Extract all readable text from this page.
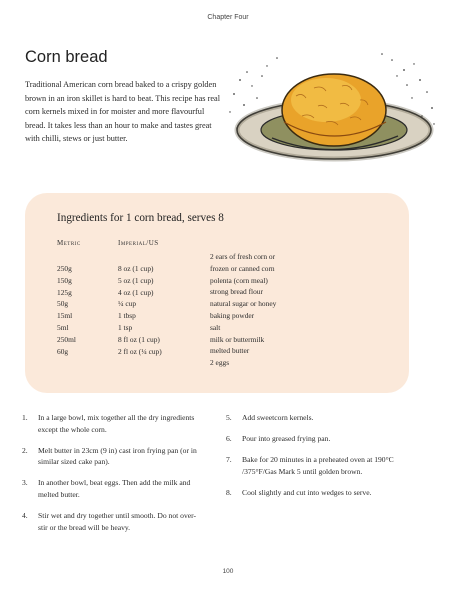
Chapter Four
Corn bread

Traditional American corn bread baked to a crispy golden brown in an iron skillet is hard to beat. This recipe has real corn kernels mixed in for moister and more flavourful bread. It takes less than an hour to make and tastes great with chilli, stews or just butter.

Ingredients for 1 corn bread, serves 8
Metric	Imperial/US
250g
150g
125g
50g
15ml
5ml
250ml
60g
8 oz (1 cup)
5 oz (1 cup)
4 oz (1 cup)
¼ cup
1 tbsp
1 tsp
8 fl oz (1 cup)
2 fl oz (¼ cup)
2 ears of fresh corn or
frozen or canned corn
polenta (corn meal)
strong bread flour
natural sugar or honey
baking powder
salt
milk or buttermilk
melted butter
2 eggs
1. In a large bowl, mix together all the dry ingredients except the whole corn.
2. Melt butter in 23cm (9 in) cast iron frying pan (or in similar sized cake pan).
3. In another bowl, beat eggs. Then add the milk and melted butter.
4. Stir wet and dry together until smooth. Do not over-stir or the bread will be heavy.
5. Add sweetcorn kernels.
6. Pour into greased frying pan.
7. Bake for 20 minutes in a preheated oven at 190°C /375°F/Gas Mark 5 until golden brown.
8. Cool slightly and cut into wedges to serve.
100
